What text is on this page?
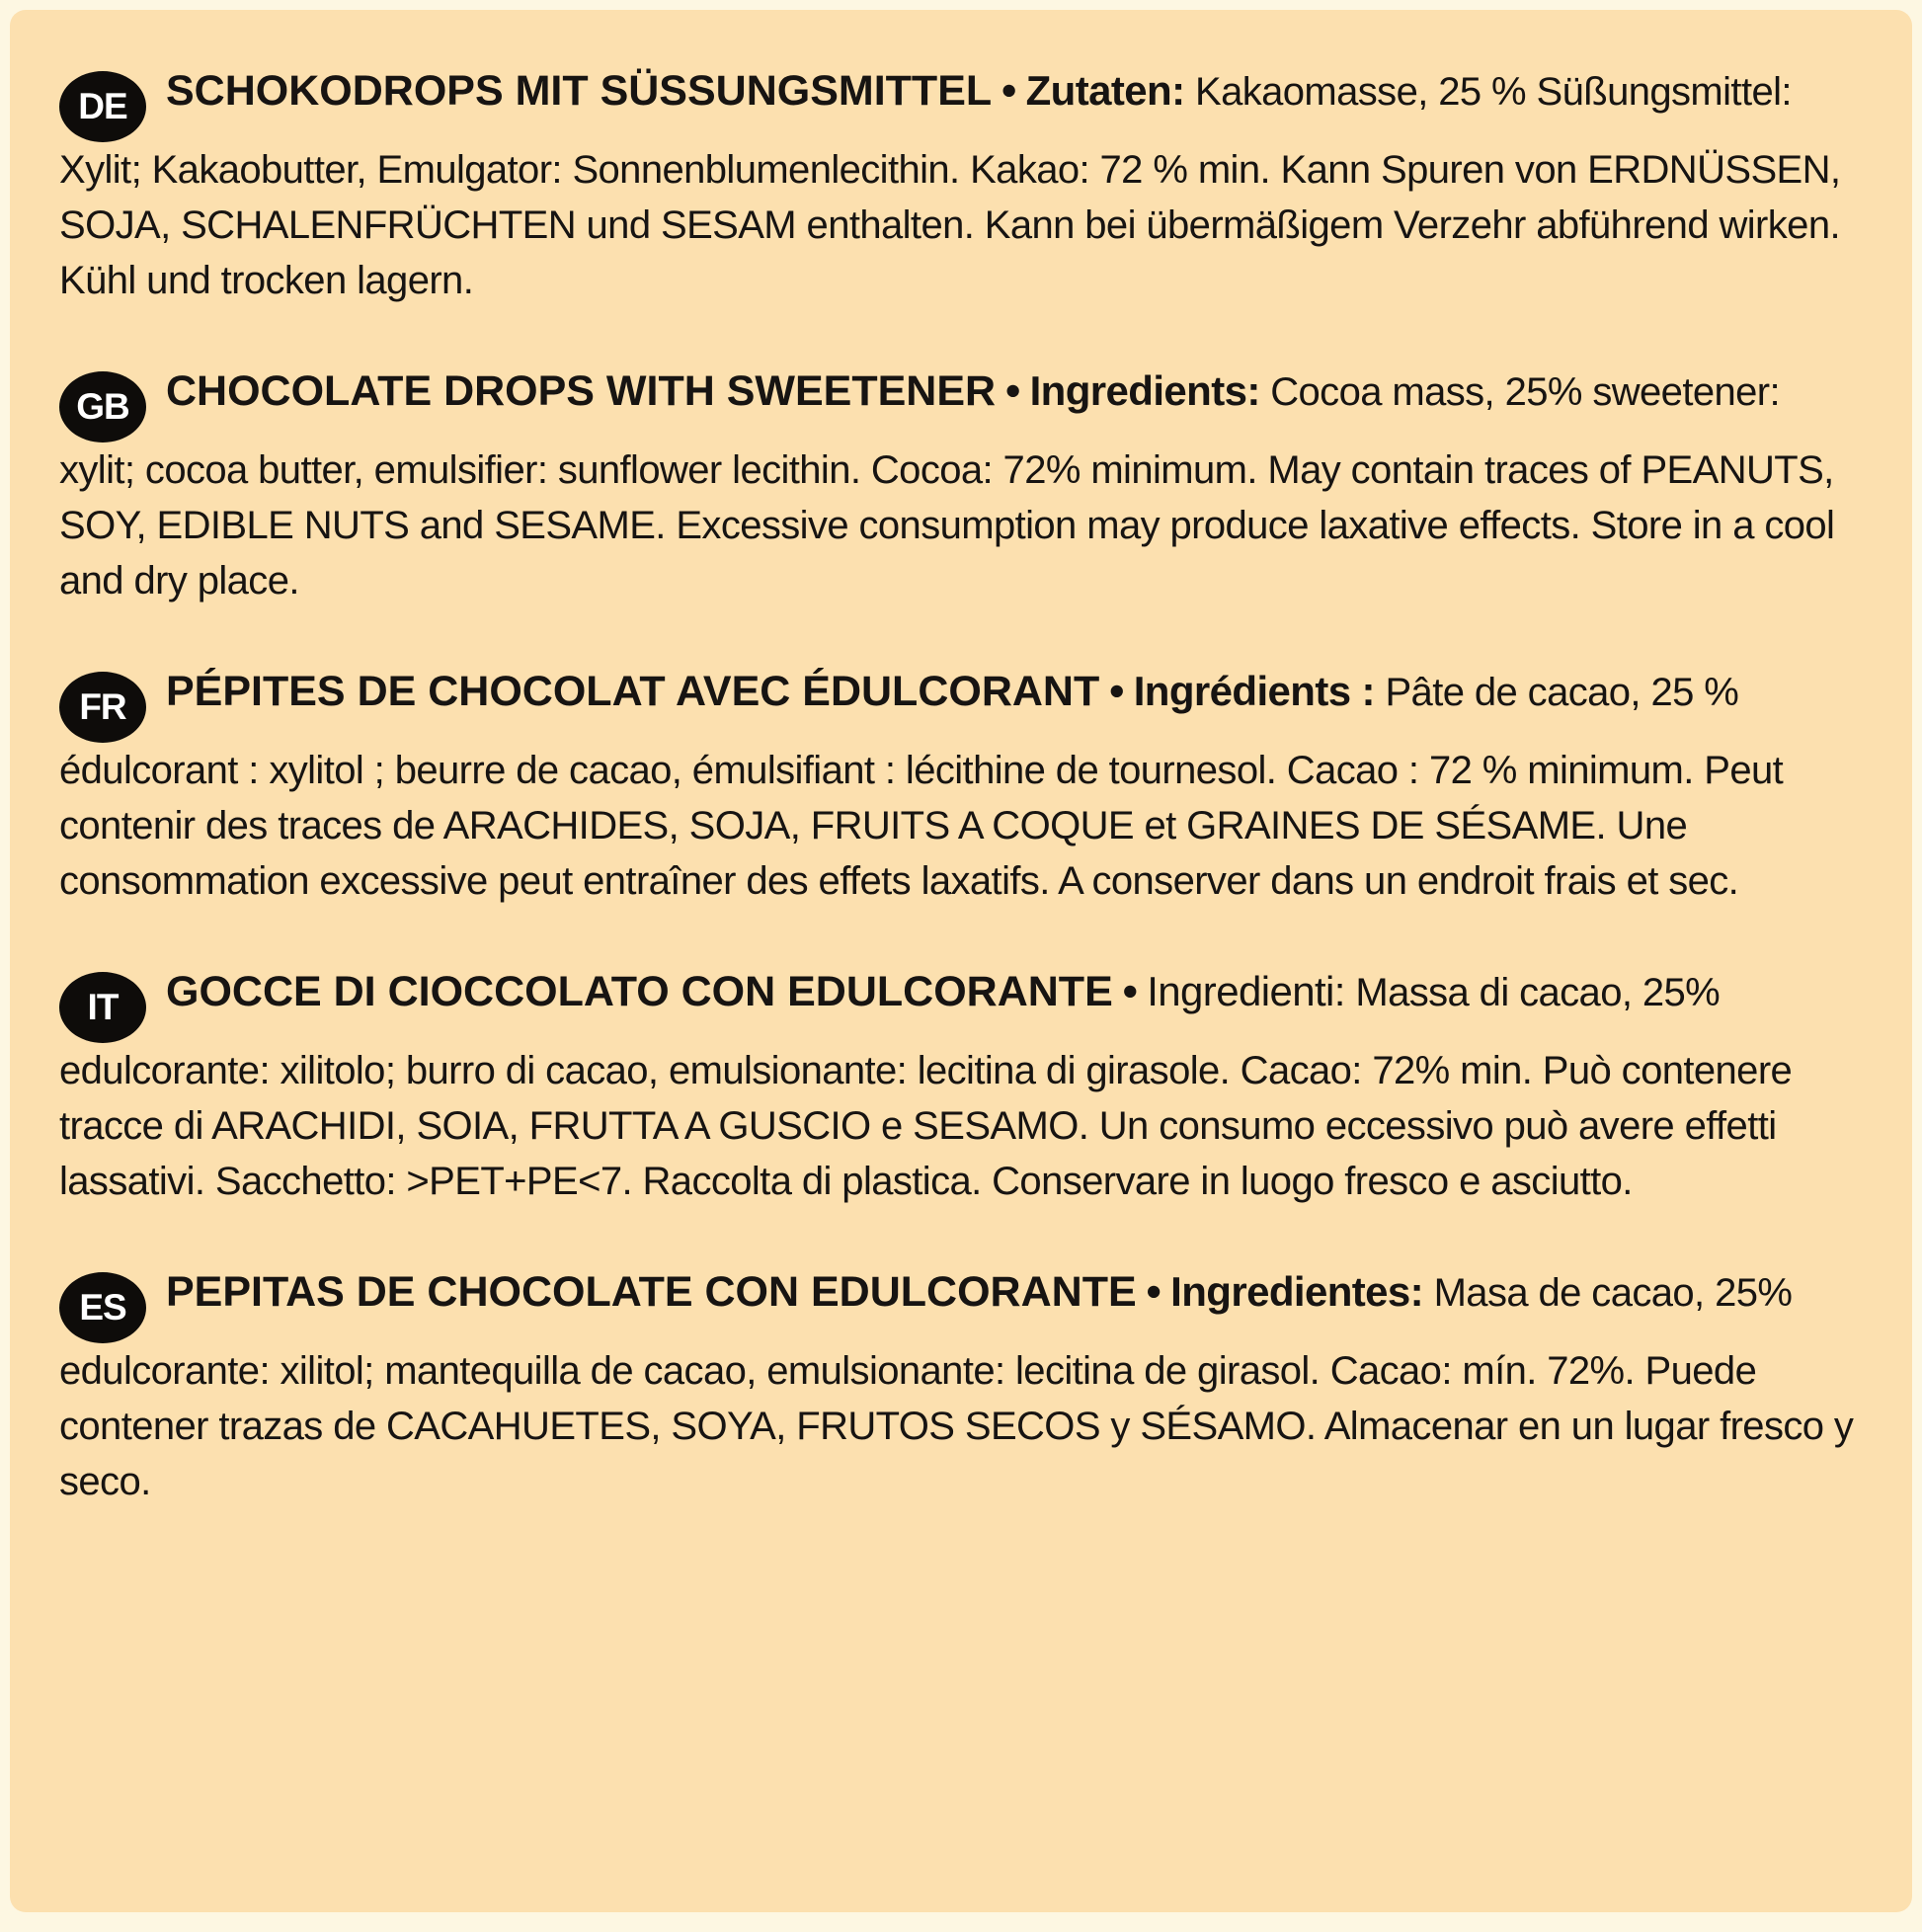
DE SCHOKODROPS MIT SÜSSUNGSMITTEL • Zutaten: Kakaomasse, 25 % Süßungsmittel: Xylit; Kakaobutter, Emulgator: Sonnenblumenlecithin. Kakao: 72 % min. Kann Spuren von ERDNÜSSEN, SOJA, SCHALENFRÜCHTEN und SESAM enthalten. Kann bei übermäßigem Verzehr abführend wirken. Kühl und trocken lagern.

GB CHOCOLATE DROPS WITH SWEETENER • Ingredients: Cocoa mass, 25% sweetener: xylit; cocoa butter, emulsifier: sunflower lecithin. Cocoa: 72% minimum. May contain traces of PEANUTS, SOY, EDIBLE NUTS and SESAME. Excessive consumption may produce laxative effects. Store in a cool and dry place.

FR PÉPITES DE CHOCOLAT AVEC ÉDULCORANT • Ingrédients : Pâte de cacao, 25 % édulcorant : xylitol ; beurre de cacao, émulsifiant : lécithine de tournesol. Cacao : 72 % minimum. Peut contenir des traces de ARACHIDES, SOJA, FRUITS A COQUE et GRAINES DE SÉSAME. Une consommation excessive peut entraîner des effets laxatifs. A conserver dans un endroit frais et sec.

IT GOCCE DI CIOCCOLATO CON EDULCORANTE • Ingredienti: Massa di cacao, 25% edulcorante: xilitolo; burro di cacao, emulsionante: lecitina di girasole. Cacao: 72% min. Può contenere tracce di ARACHIDI, SOIA, FRUTTA A GUSCIO e SESAMO. Un consumo eccessivo può avere effetti lassativi. Sacchetto: >PET+PE<7. Raccolta di plastica. Conservare in luogo fresco e asciutto.

ES PEPITAS DE CHOCOLATE CON EDULCORANTE • Ingredientes: Masa de cacao, 25% edulcorante: xilitol; mantequilla de cacao, emulsionante: lecitina de girasol. Cacao: mín. 72%. Puede contener trazas de CACAHUETES, SOYA, FRUTOS SECOS y SÉSAMO. Almacenar en un lugar fresco y seco.
